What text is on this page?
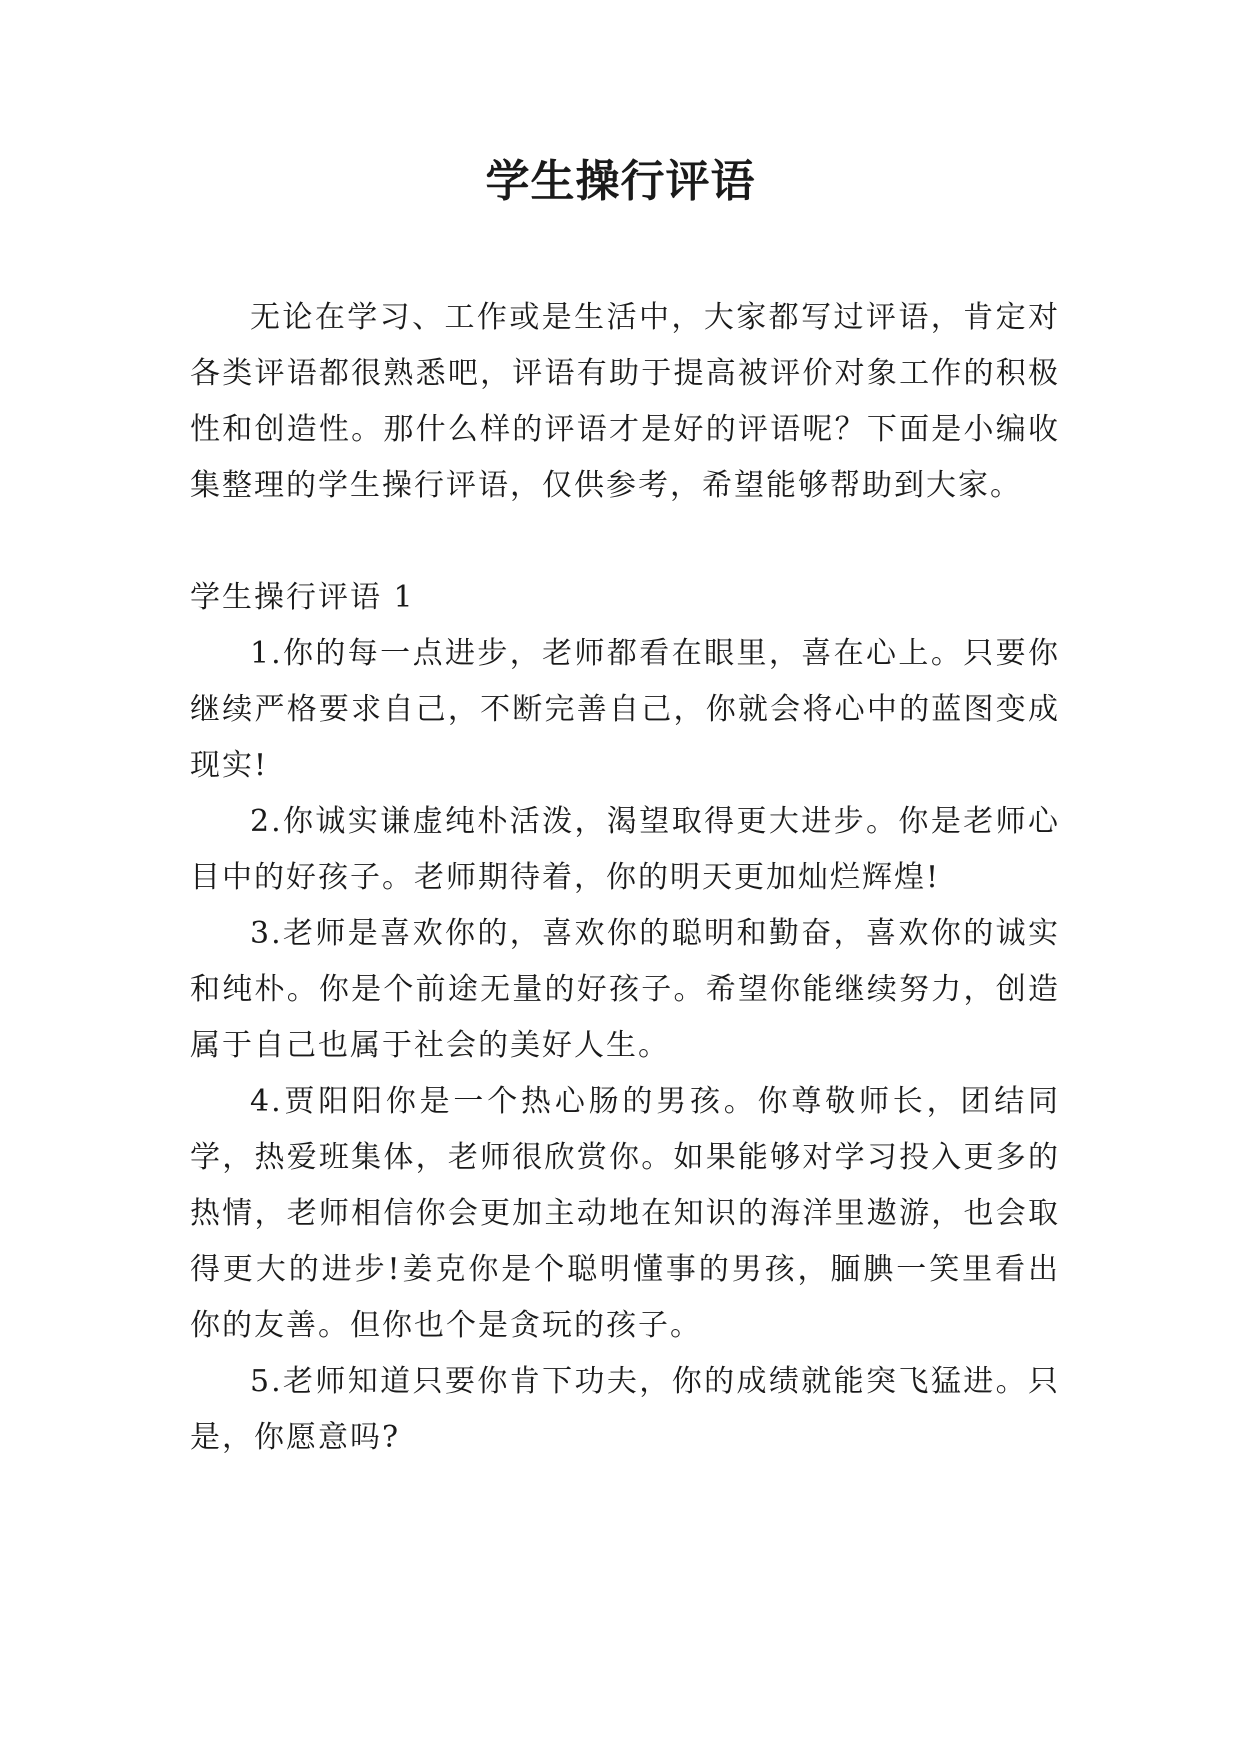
学生操行评语

无论在学习、工作或是生活中，大家都写过评语，肯定对各类评语都很熟悉吧，评语有助于提高被评价对象工作的积极性和创造性。那什么样的评语才是好的评语呢？下面是小编收集整理的学生操行评语，仅供参考，希望能够帮助到大家。

学生操行评语 1

1.你的每一点进步，老师都看在眼里，喜在心上。只要你继续严格要求自己，不断完善自己，你就会将心中的蓝图变成现实!

2.你诚实谦虚纯朴活泼，渴望取得更大进步。你是老师心目中的好孩子。老师期待着，你的明天更加灿烂辉煌!

3.老师是喜欢你的，喜欢你的聪明和勤奋，喜欢你的诚实和纯朴。你是个前途无量的好孩子。希望你能继续努力，创造属于自己也属于社会的美好人生。

4.贾阳阳你是一个热心肠的男孩。你尊敬师长，团结同学，热爱班集体，老师很欣赏你。如果能够对学习投入更多的热情，老师相信你会更加主动地在知识的海洋里遨游，也会取得更大的进步!姜克你是个聪明懂事的男孩，腼腆一笑里看出你的友善。但你也个是贪玩的孩子。

5.老师知道只要你肯下功夫，你的成绩就能突飞猛进。只是，你愿意吗?
